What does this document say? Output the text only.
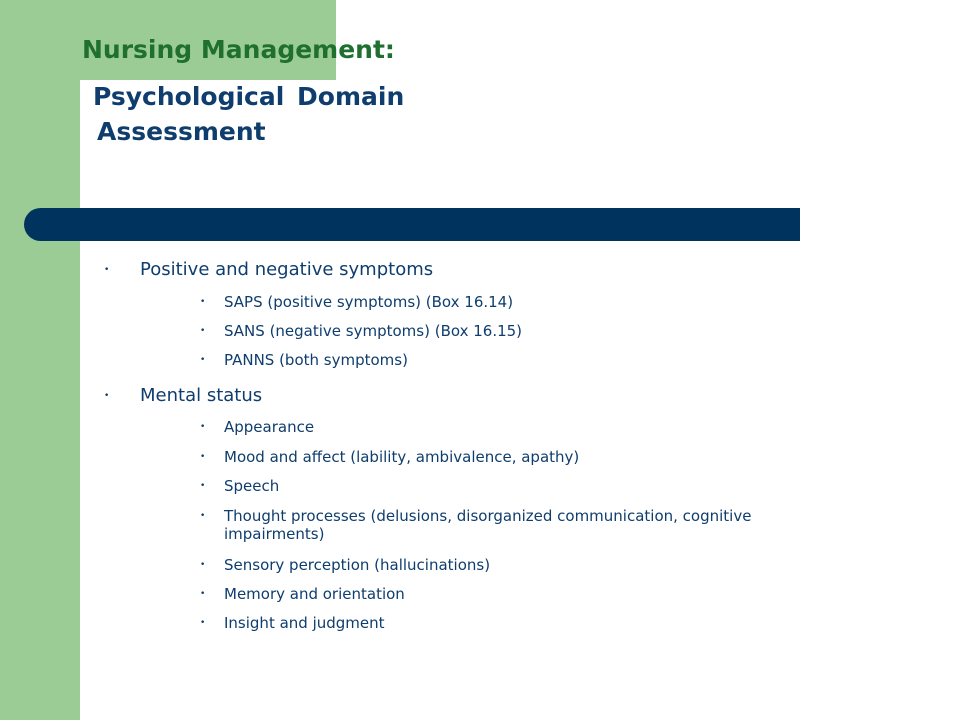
Nursing Management:
Psychological Domain
Assessment
• Positive and negative symptoms
• SAPS (positive symptoms) (Box 16.14)
• SANS (negative symptoms) (Box 16.15)
• PANNS (both symptoms)
• Mental status
• Appearance
• Mood and affect (lability, ambivalence, apathy)
• Speech
• Thought processes (delusions, disorganized communication, cognitive impairments)
• Sensory perception (hallucinations)
• Memory and orientation
• Insight and judgment
